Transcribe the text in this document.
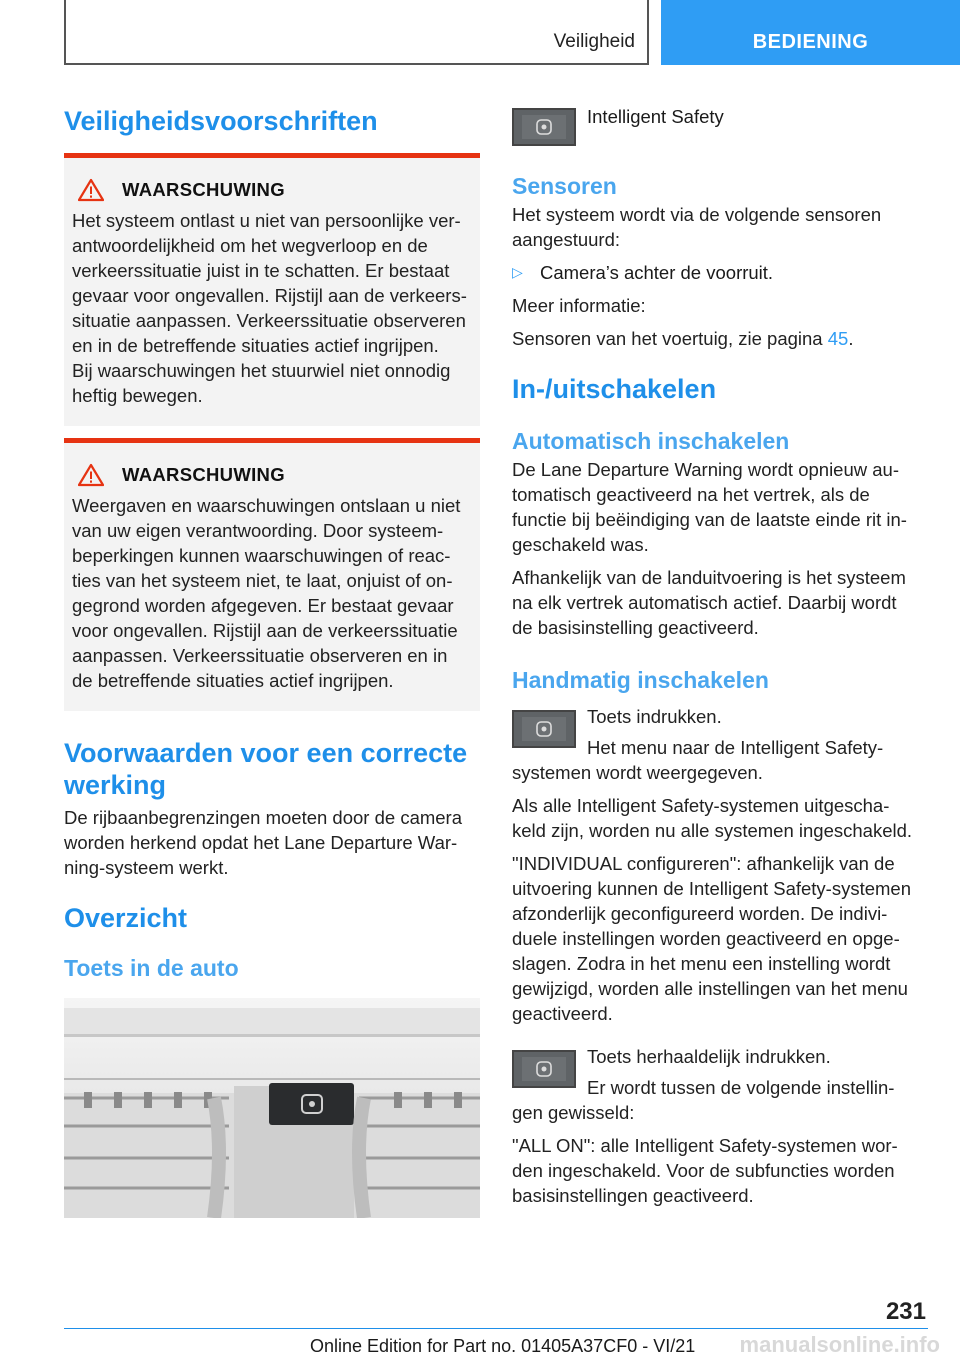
Veiligheid	BEDIENING
Veiligheidsvoorschriften
WAARSCHUWING

Het systeem ontlast u niet van persoonlijke ver-

antwoordelijkheid om het wegverloop en de

verkeerssituatie juist in te schatten. Er bestaat

gevaar voor ongevallen. Rijstijl aan de verkeers-

situatie aanpassen. Verkeerssituatie observeren

en in de betreffende situaties actief ingrijpen.

Bij waarschuwingen het stuurwiel niet onnodig

heftig bewegen.

WAARSCHUWING

Weergaven en waarschuwingen ontslaan u niet

van uw eigen verantwoording. Door systeem-

beperkingen kunnen waarschuwingen of reac-

ties van het systeem niet, te laat, onjuist of on-

gegrond worden afgegeven. Er bestaat gevaar

voor ongevallen. Rijstijl aan de verkeerssituatie

aanpassen. Verkeerssituatie observeren en in

de betreffende situaties actief ingrijpen.

Voorwaarden voor een correcte
werking

De rijbaanbegrenzingen moeten door de camera

worden herkend opdat het Lane Departure War-

ning-systeem werkt.

Overzicht
Toets in de auto
Intelligent Safety
Sensoren

Het systeem wordt via de volgende sensoren

aangestuurd:

▷ Camera’s achter de voorruit.

Meer informatie:

Sensoren van het voertuig, zie pagina 45.

In-/uitschakelen
Automatisch inschakelen

De Lane Departure Warning wordt opnieuw au-

tomatisch geactiveerd na het vertrek, als de

functie bij beëindiging van de laatste einde rit in-

geschakeld was.

Afhankelijk van de landuitvoering is het systeem

na elk vertrek automatisch actief. Daarbij wordt

de basisinstelling geactiveerd.

Handmatig inschakelen

Toets indrukken.

Het menu naar de Intelligent Safety-

systemen wordt weergegeven.

Als alle Intelligent Safety-systemen uitgescha-

keld zijn, worden nu alle systemen ingeschakeld.

"INDIVIDUAL configureren": afhankelijk van de

uitvoering kunnen de Intelligent Safety-systemen

afzonderlijk geconfigureerd worden. De indivi-

duele instellingen worden geactiveerd en opge-

slagen. Zodra in het menu een instelling wordt

gewijzigd, worden alle instellingen van het menu

geactiveerd.

Toets herhaaldelijk indrukken.

Er wordt tussen de volgende instellin-

gen gewisseld:

"ALL ON": alle Intelligent Safety-systemen wor-

den ingeschakeld. Voor de subfuncties worden

basisinstellingen geactiveerd.

231
manualsonline.info
Online Edition for Part no. 01405A37CF0 - VI/21
